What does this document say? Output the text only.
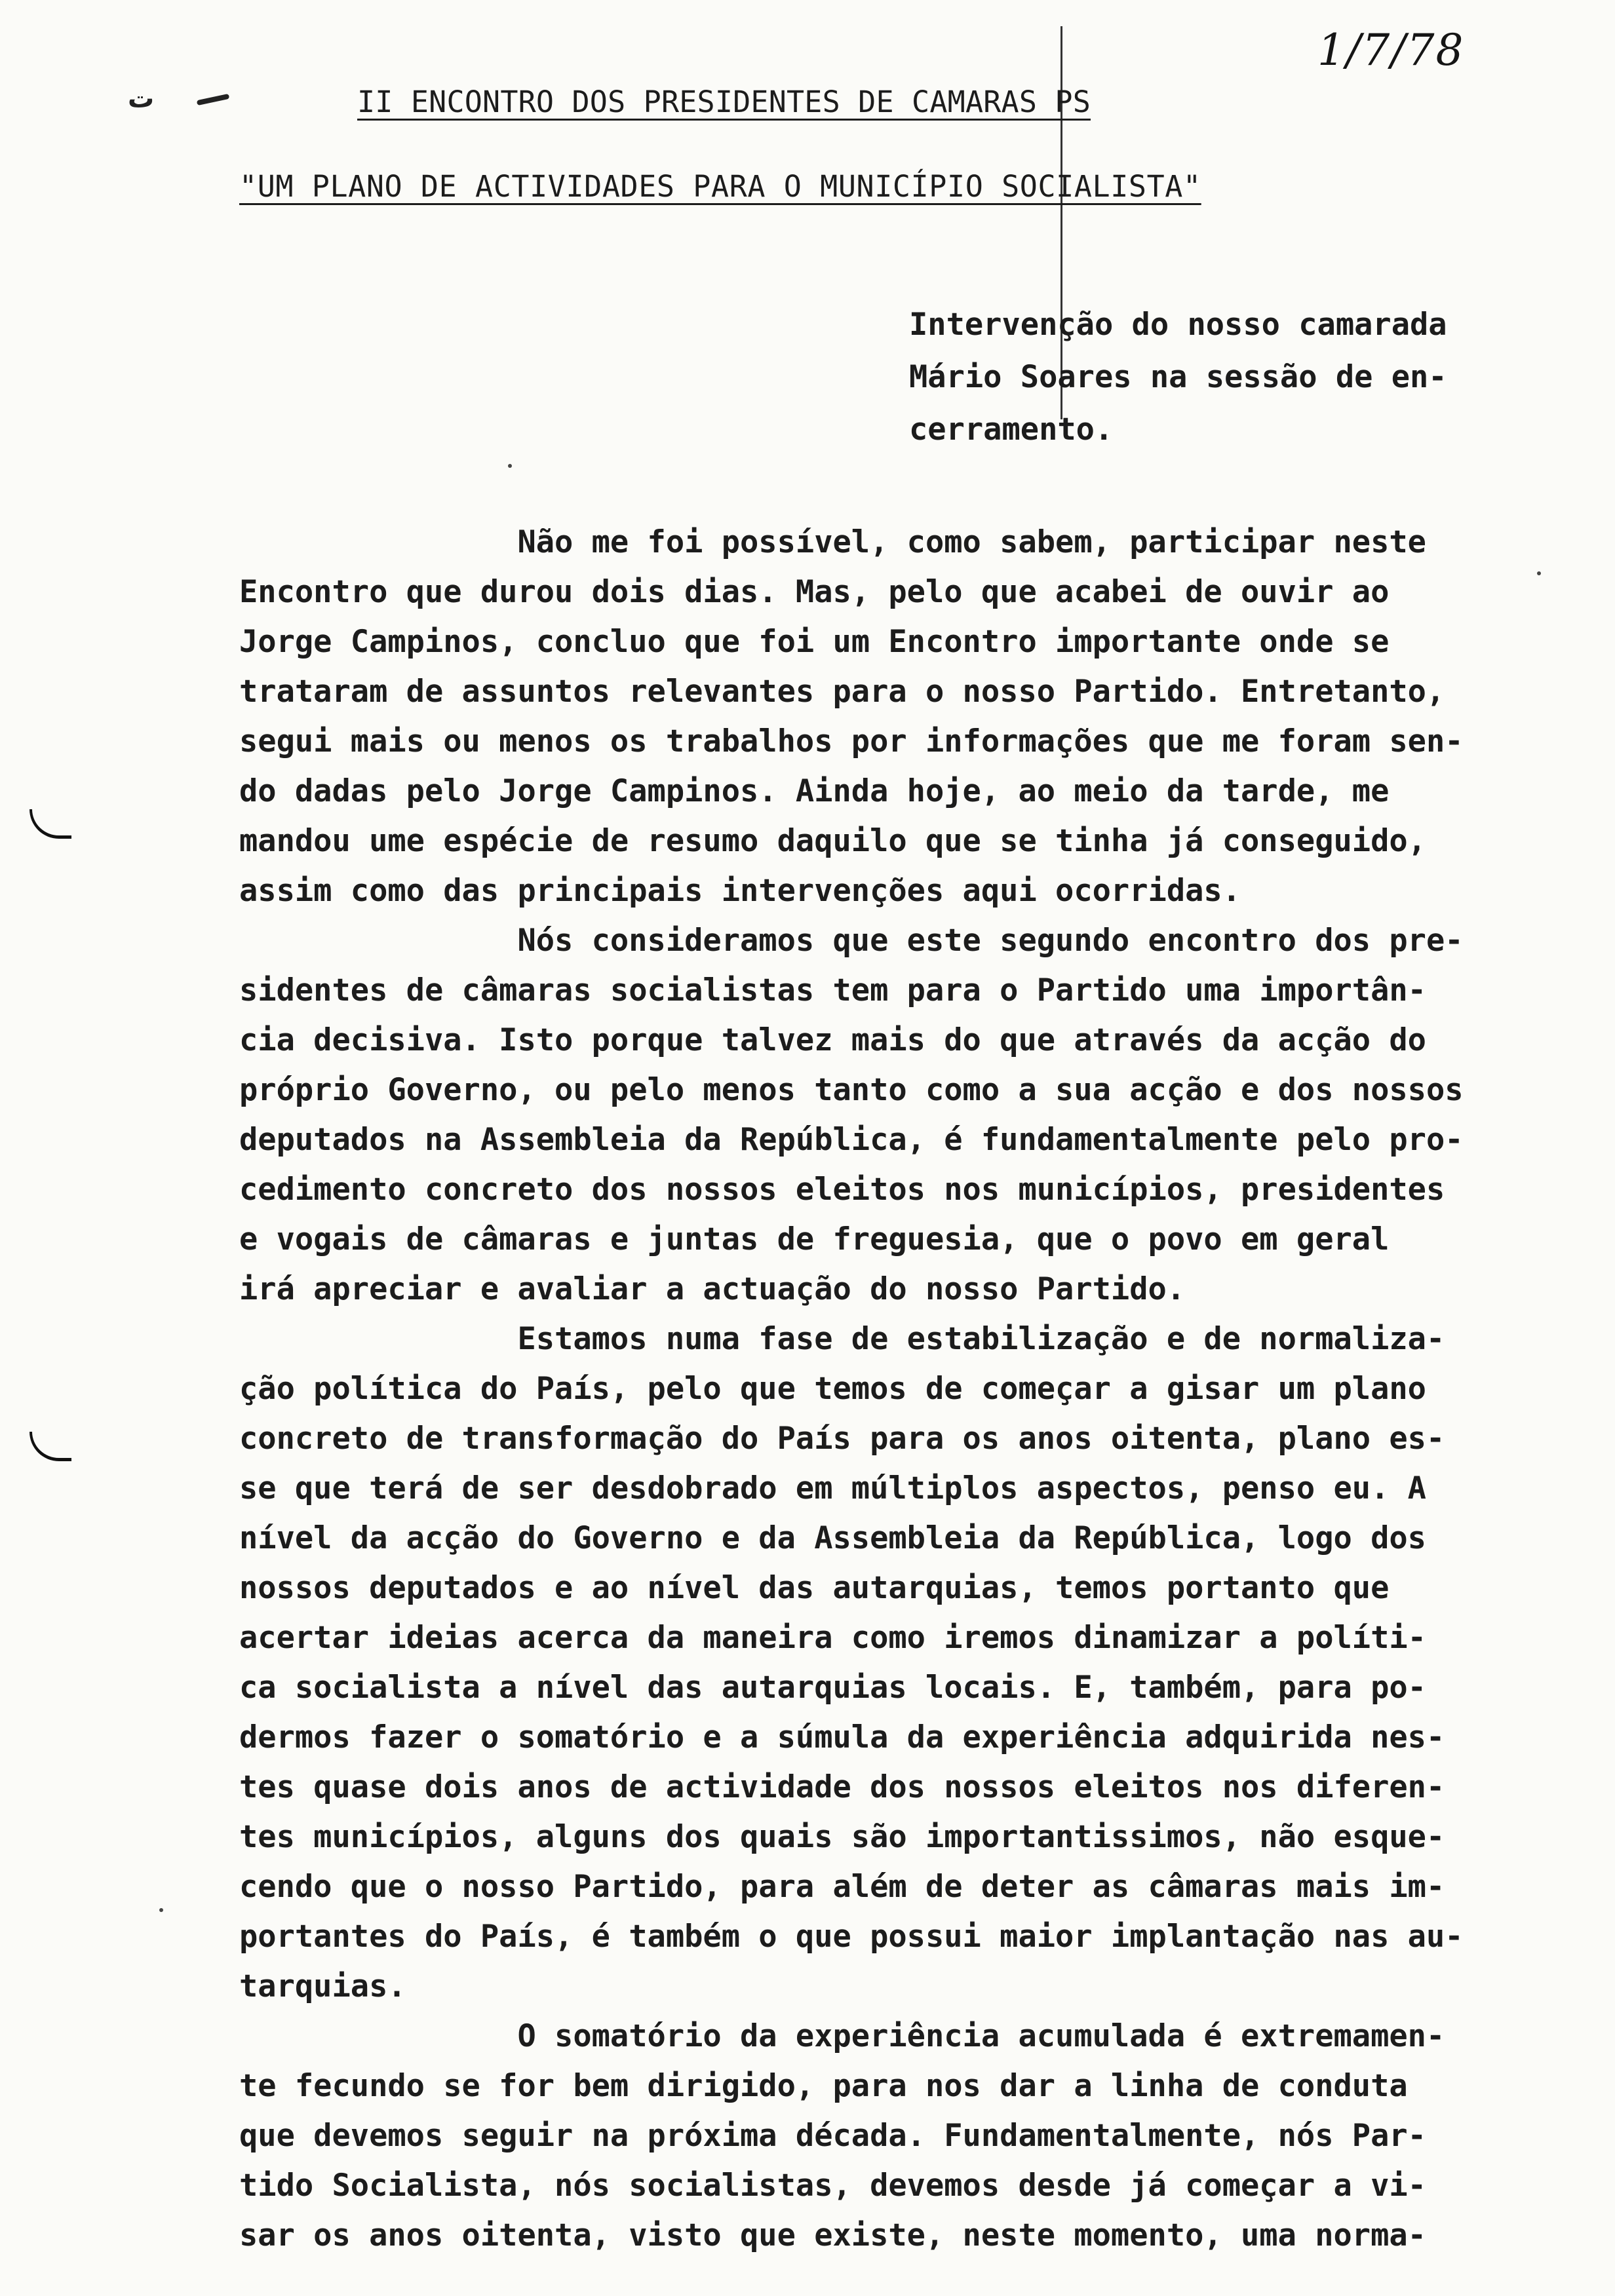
1/7/78
ت	II ENCONTRO DOS PRESIDENTES DE CAMARAS PS
"UM PLANO DE ACTIVIDADES PARA O MUNICÍPIO SOCIALISTA"
Intervenção do nosso camarada
Mário Soares na sessão de en-
cerramento.
Não me foi possível, como sabem, participar neste
Encontro que durou dois dias. Mas, pelo que acabei de ouvir ao
Jorge Campinos, concluo que foi um Encontro importante onde se
trataram de assuntos relevantes para o nosso Partido. Entretanto,
segui mais ou menos os trabalhos por informações que me foram sen-
do dadas pelo Jorge Campinos. Ainda hoje, ao meio da tarde, me
mandou ume espécie de resumo daquilo que se tinha já conseguido,
assim como das principais intervenções aqui ocorridas.
Nós consideramos que este segundo encontro dos pre-
sidentes de câmaras socialistas tem para o Partido uma importân-
cia decisiva. Isto porque talvez mais do que através da acção do
próprio Governo, ou pelo menos tanto como a sua acção e dos nossos
deputados na Assembleia da República, é fundamentalmente pelo pro-
cedimento concreto dos nossos eleitos nos municípios, presidentes
e vogais de câmaras e juntas de freguesia, que o povo em geral
irá apreciar e avaliar a actuação do nosso Partido.
Estamos numa fase de estabilização e de normaliza-
ção política do País, pelo que temos de começar a gisar um plano
concreto de transformação do País para os anos oitenta, plano es-
se que terá de ser desdobrado em múltiplos aspectos, penso eu. A
nível da acção do Governo e da Assembleia da República, logo dos
nossos deputados e ao nível das autarquias, temos portanto que
acertar ideias acerca da maneira como iremos dinamizar a políti-
ca socialista a nível das autarquias locais. E, também, para po-
dermos fazer o somatório e a súmula da experiência adquirida nes-
tes quase dois anos de actividade dos nossos eleitos nos diferen-
tes municípios, alguns dos quais são importantissimos, não esque-
cendo que o nosso Partido, para além de deter as câmaras mais im-
portantes do País, é também o que possui maior implantação nas au-
tarquias.
O somatório da experiência acumulada é extremamen-
te fecundo se for bem dirigido, para nos dar a linha de conduta
que devemos seguir na próxima década. Fundamentalmente, nós Par-
tido Socialista, nós socialistas, devemos desde já começar a vi-
sar os anos oitenta, visto que existe, neste momento, uma norma-
